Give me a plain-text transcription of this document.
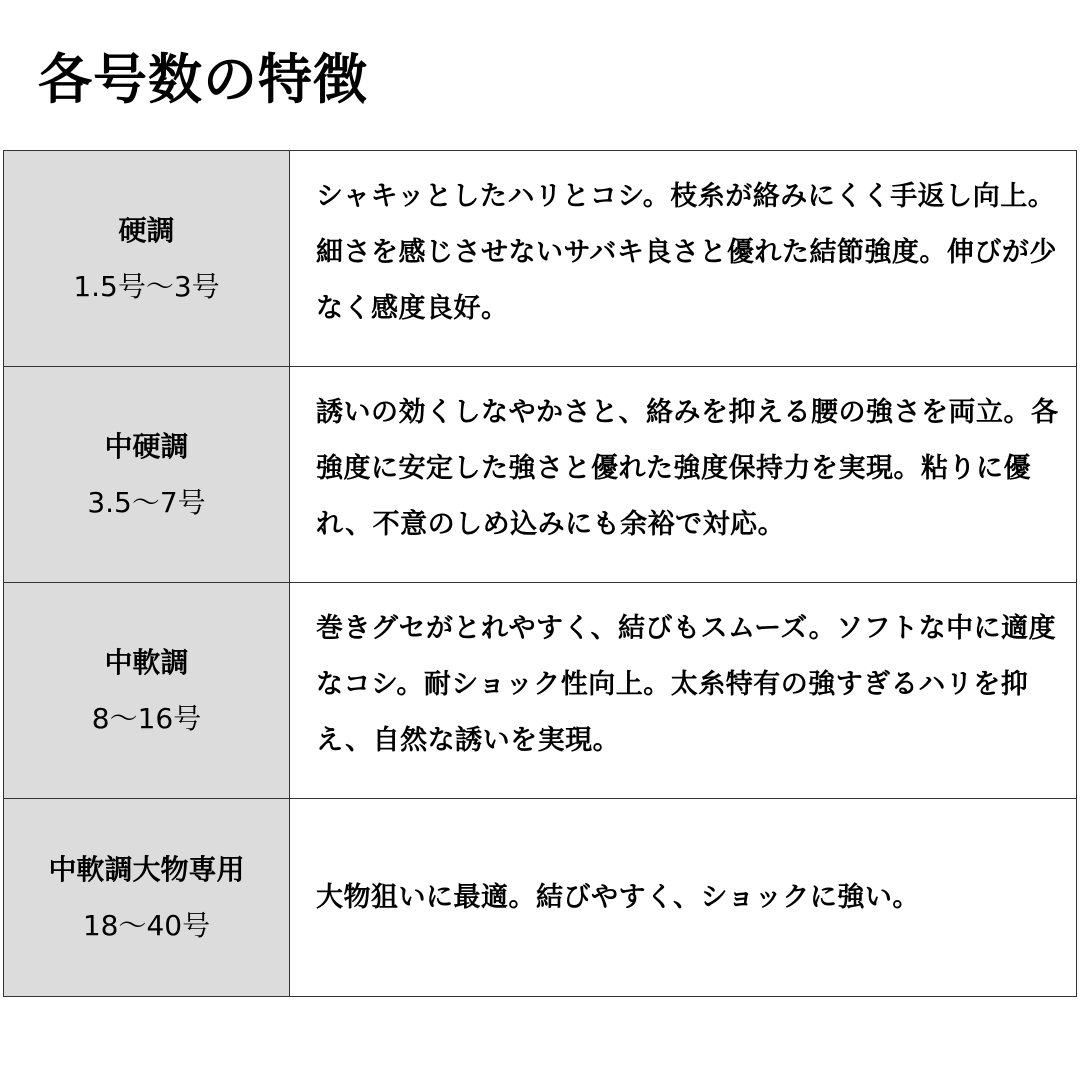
各号数の特徴
硬調
1.5号〜3号	シャキッとしたハリとコシ。枝糸が絡みにくく手返し向上。細さを感じさせないサバキ良さと優れた結節強度。伸びが少なく感度良好。

中硬調
3.5〜7号	誘いの効くしなやかさと、絡みを抑える腰の強さを両立。各強度に安定した強さと優れた強度保持力を実現。粘りに優れ、不意のしめ込みにも余裕で対応。

中軟調
8〜16号	巻きグセがとれやすく、結びもスムーズ。ソフトな中に適度なコシ。耐ショック性向上。太糸特有の強すぎるハリを抑え、自然な誘いを実現。

中軟調大物専用
18〜40号	大物狙いに最適。結びやすく、ショックに強い。
